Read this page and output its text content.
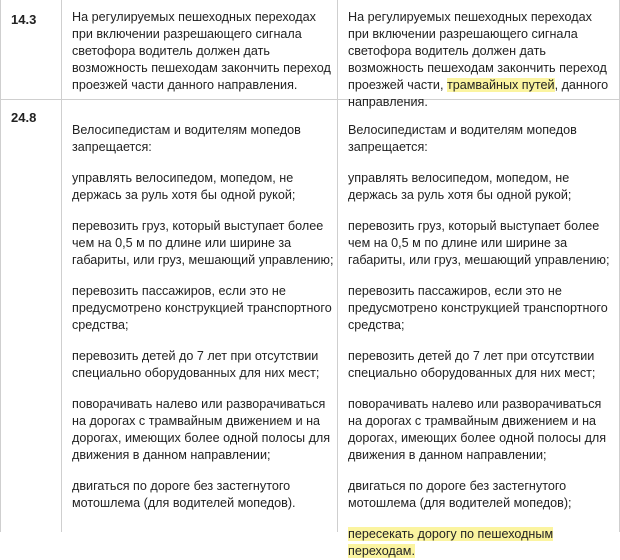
14.3	На регулируемых пешеходных переходах при включении разрешающего сигнала светофора водитель должен дать возможность пешеходам закончить переход проезжей части данного направления.

На регулируемых пешеходных переходах при включении разрешающего сигнала светофора водитель должен дать возможность пешеходам закончить переход проезжей части, трамвайных путей, данного направления.

24.8

Велосипедистам и водителям мопедов запрещается:

управлять велосипедом, мопедом, не держась за руль хотя бы одной рукой;

перевозить груз, который выступает более чем на 0,5 м по длине или ширине за габариты, или груз, мешающий управлению;

перевозить пассажиров, если это не предусмотрено конструкцией транспортного средства;

перевозить детей до 7 лет при отсутствии специально оборудованных для них мест;

поворачивать налево или разворачиваться на дорогах с трамвайным движением и на дорогах, имеющих более одной полосы для движения в данном направлении;

двигаться по дороге без застегнутого мотошлема (для водителей мопедов).

Велосипедистам и водителям мопедов запрещается:

управлять велосипедом, мопедом, не держась за руль хотя бы одной рукой;

перевозить груз, который выступает более чем на 0,5 м по длине или ширине за габариты, или груз, мешающий управлению;

перевозить пассажиров, если это не предусмотрено конструкцией транспортного средства;

перевозить детей до 7 лет при отсутствии специально оборудованных для них мест;

поворачивать налево или разворачиваться на дорогах с трамвайным движением и на дорогах, имеющих более одной полосы для движения в данном направлении;

двигаться по дороге без застегнутого мотошлема (для водителей мопедов);

пересекать дорогу по пешеходным переходам.
